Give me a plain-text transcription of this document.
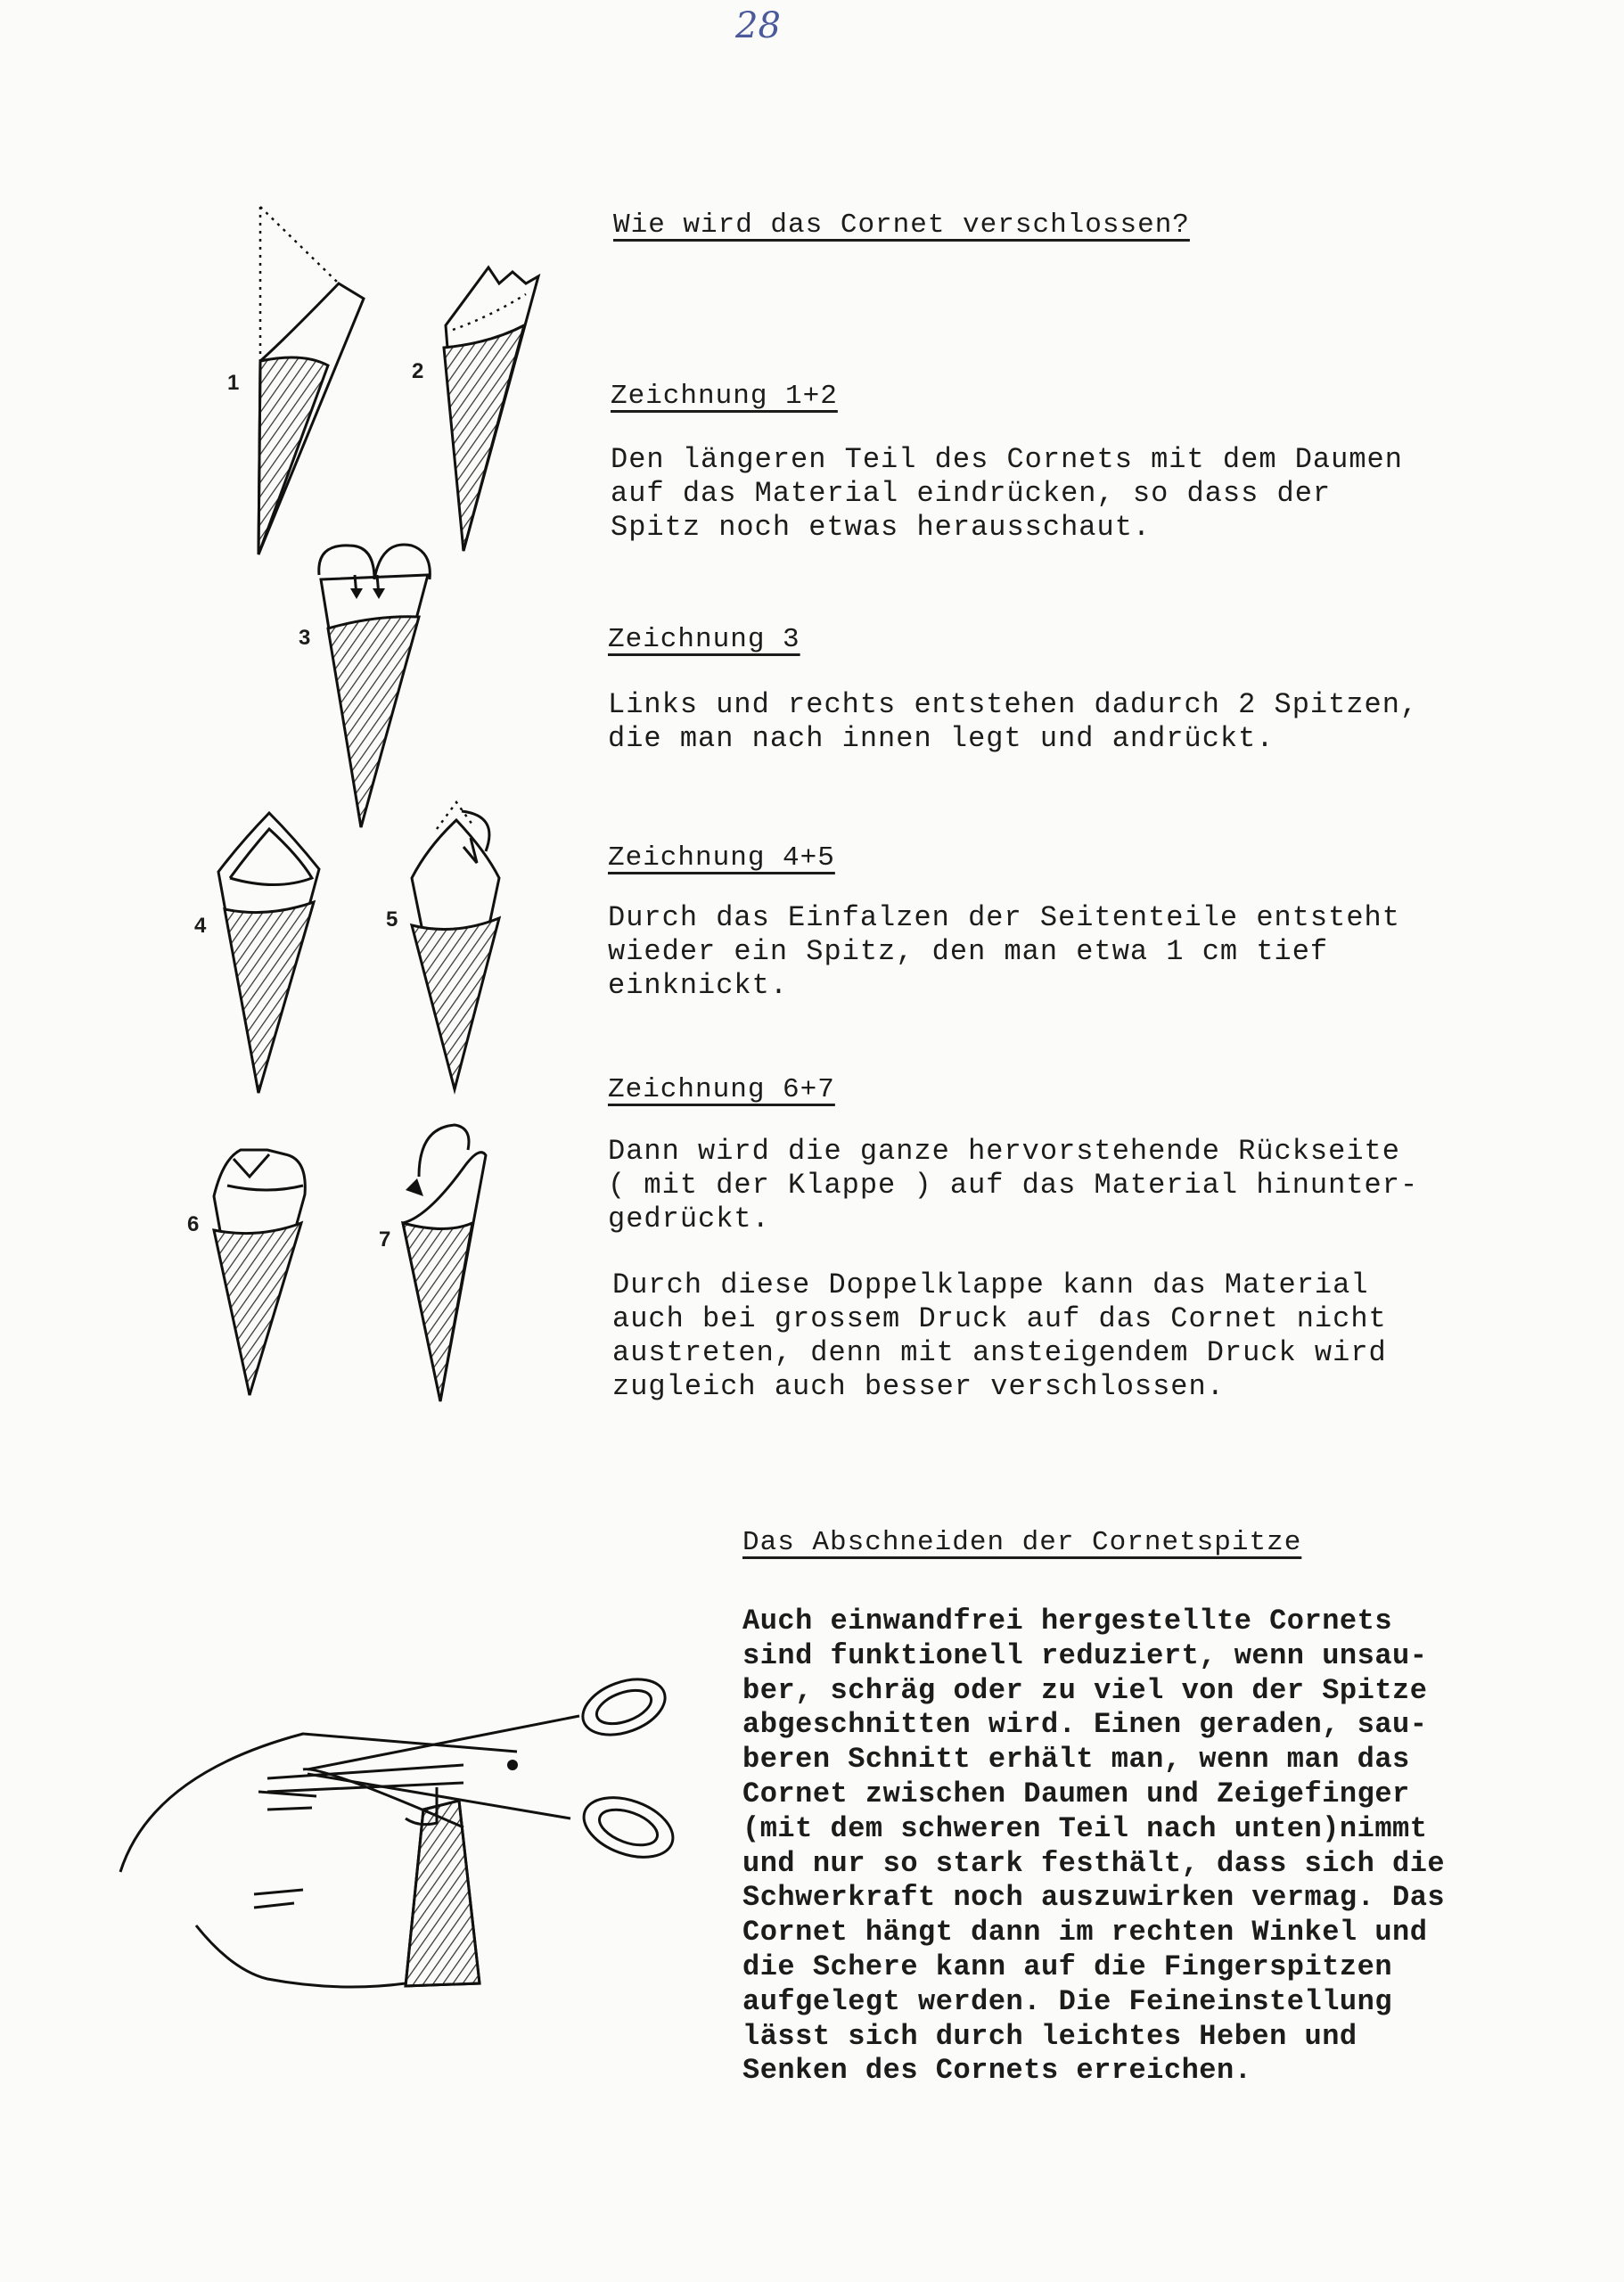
28
1	2
3
4	5
6
7
Wie wird das Cornet verschlossen?
Zeichnung 1+2

Den längeren Teil des Cornets mit dem Daumen
auf das Material eindrücken, so dass der
Spitz noch etwas herausschaut.

Zeichnung 3

Links und rechts entstehen dadurch 2 Spitzen,
die man nach innen legt und andrückt.

Zeichnung 4+5

Durch das Einfalzen der Seitenteile entsteht
wieder ein Spitz, den man etwa 1 cm tief
einknickt.

Zeichnung 6+7

Dann wird die ganze hervorstehende Rückseite
( mit der Klappe ) auf das Material hinunter-
gedrückt.

Durch diese Doppelklappe kann das Material
auch bei grossem Druck auf das Cornet nicht
austreten, denn mit ansteigendem Druck wird
zugleich auch besser verschlossen.

Das Abschneiden der Cornetspitze

Auch einwandfrei hergestellte Cornets
sind funktionell reduziert, wenn unsau-
ber, schräg oder zu viel von der Spitze
abgeschnitten wird. Einen geraden, sau-
beren Schnitt erhält man, wenn man das
Cornet zwischen Daumen und Zeigefinger
(mit dem schweren Teil nach unten)nimmt
und nur so stark festhält, dass sich die
Schwerkraft noch auszuwirken vermag. Das
Cornet hängt dann im rechten Winkel und
die Schere kann auf die Fingerspitzen
aufgelegt werden. Die Feineinstellung
lässt sich durch leichtes Heben und
Senken des Cornets erreichen.
